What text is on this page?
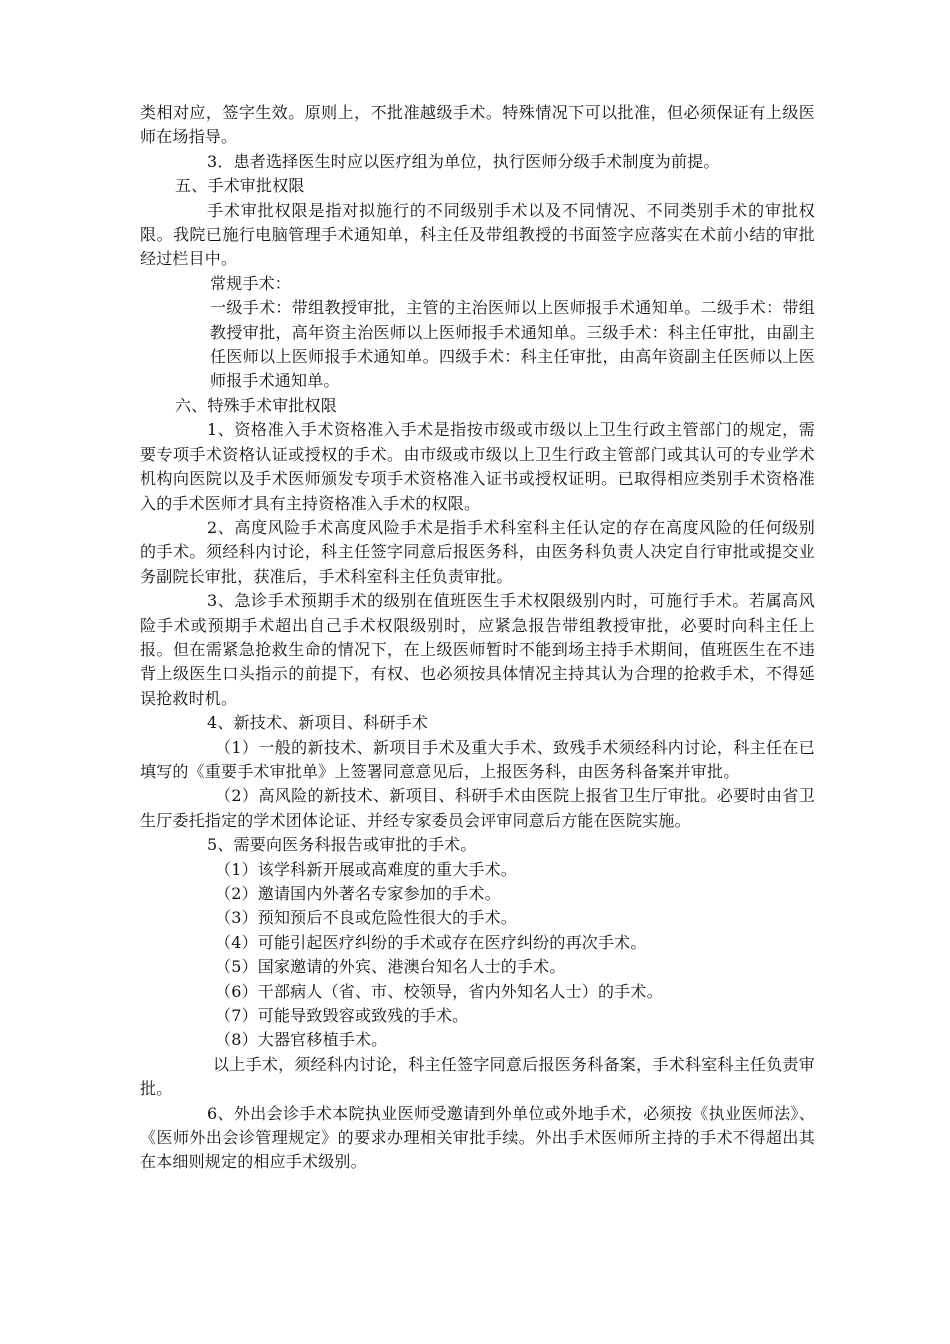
类相对应，签字生效。原则上，不批准越级手术。特殊情况下可以批准，但必须保证有上级医师在场指导。

3．患者选择医生时应以医疗组为单位，执行医师分级手术制度为前提。

五、手术审批权限

手术审批权限是指对拟施行的不同级别手术以及不同情况、不同类别手术的审批权限。我院已施行电脑管理手术通知单，科主任及带组教授的书面签字应落实在术前小结的审批经过栏目中。

常规手术：

一级手术：带组教授审批，主管的主治医师以上医师报手术通知单。二级手术：带组教授审批，高年资主治医师以上医师报手术通知单。三级手术：科主任审批，由副主任医师以上医师报手术通知单。四级手术：科主任审批，由高年资副主任医师以上医师报手术通知单。

六、特殊手术审批权限

1、资格准入手术资格准入手术是指按市级或市级以上卫生行政主管部门的规定，需要专项手术资格认证或授权的手术。由市级或市级以上卫生行政主管部门或其认可的专业学术机构向医院以及手术医师颁发专项手术资格准入证书或授权证明。已取得相应类别手术资格准入的手术医师才具有主持资格准入手术的权限。

2、高度风险手术高度风险手术是指手术科室科主任认定的存在高度风险的任何级别的手术。须经科内讨论，科主任签字同意后报医务科，由医务科负责人决定自行审批或提交业务副院长审批，获准后，手术科室科主任负责审批。

3、急诊手术预期手术的级别在值班医生手术权限级别内时，可施行手术。若属高风险手术或预期手术超出自己手术权限级别时，应紧急报告带组教授审批，必要时向科主任上报。但在需紧急抢救生命的情况下，在上级医师暂时不能到场主持手术期间，值班医生在不违背上级医生口头指示的前提下，有权、也必须按具体情况主持其认为合理的抢救手术，不得延误抢救时机。

4、新技术、新项目、科研手术

（1）一般的新技术、新项目手术及重大手术、致残手术须经科内讨论，科主任在已填写的《重要手术审批单》上签署同意意见后，上报医务科，由医务科备案并审批。

（2）高风险的新技术、新项目、科研手术由医院上报省卫生厅审批。必要时由省卫生厅委托指定的学术团体论证、并经专家委员会评审同意后方能在医院实施。

5、需要向医务科报告或审批的手术。

（1）该学科新开展或高难度的重大手术。

（2）邀请国内外著名专家参加的手术。

（3）预知预后不良或危险性很大的手术。

（4）可能引起医疗纠纷的手术或存在医疗纠纷的再次手术。

（5）国家邀请的外宾、港澳台知名人士的手术。

（6）干部病人（省、市、校领导，省内外知名人士）的手术。

（7）可能导致毁容或致残的手术。

（8）大器官移植手术。

以上手术，须经科内讨论，科主任签字同意后报医务科备案，手术科室科主任负责审批。

6、外出会诊手术本院执业医师受邀请到外单位或外地手术，必须按《执业医师法》、《医师外出会诊管理规定》的要求办理相关审批手续。外出手术医师所主持的手术不得超出其在本细则规定的相应手术级别。
